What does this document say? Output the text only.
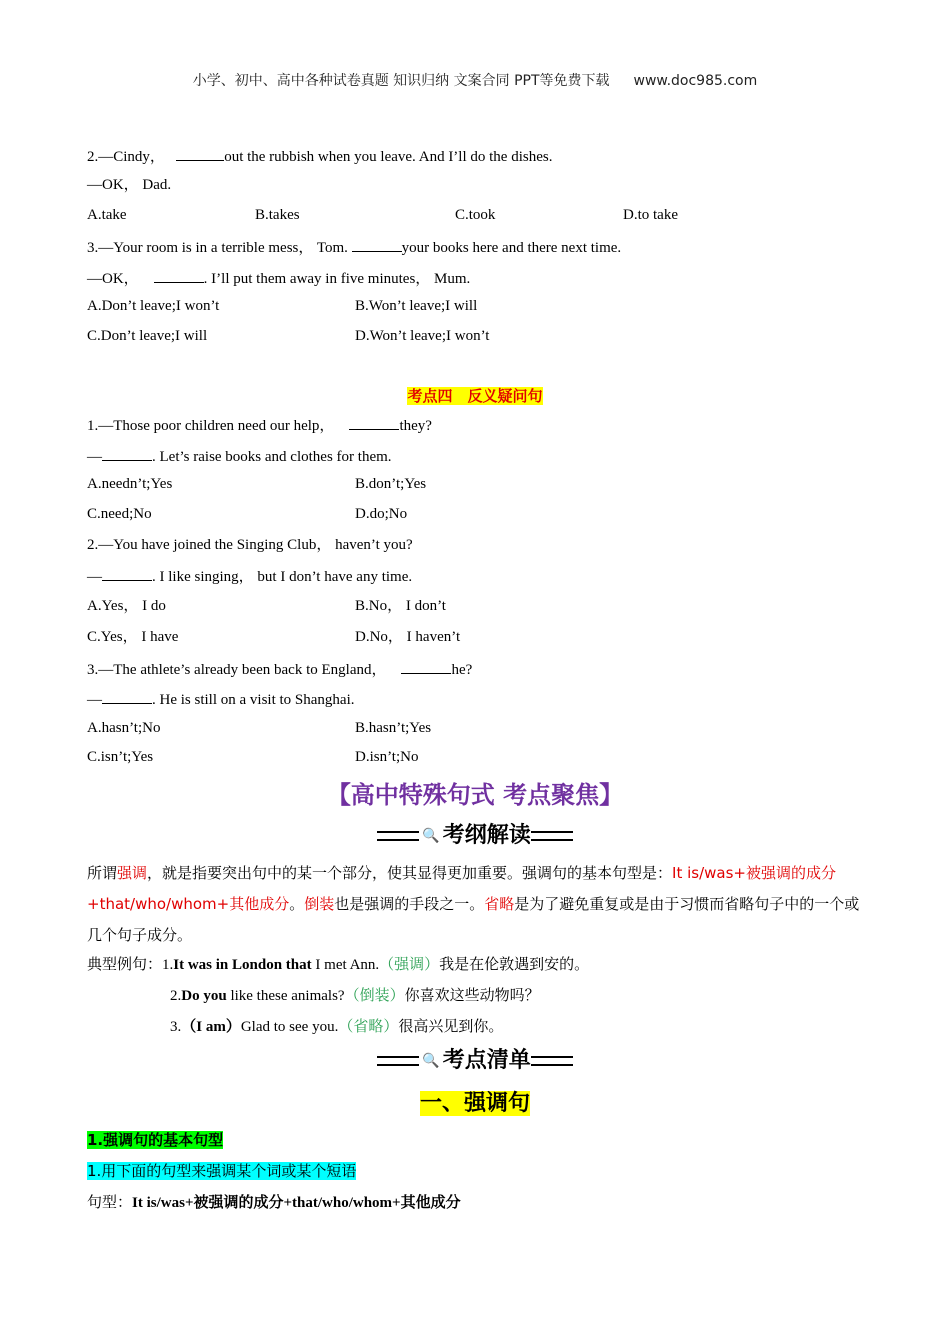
小学、初中、高中各种试卷真题 知识归纳 文案合同 PPT等免费下载 www.doc985.com
2.—Cindy，	out the rubbish when you leave. And I’ll do the dishes.
—OK， Dad.
A.take	B.takes	C.took	D.to take
3.—Your room is in a terrible mess， Tom.	your books here and there next time.
—OK，	. I’ll put them away in five minutes， Mum.
A.Don’t leave;I won’t	B.Won’t leave;I will
C.Don’t leave;I will	D.Won’t leave;I won’t
考点四　反义疑问句
1.—Those poor children need our help，	they?
—	. Let’s raise books and clothes for them.
A.needn’t;Yes	B.don’t;Yes
C.need;No	D.do;No
2.—You have joined the Singing Club， haven’t you?
—	. I like singing， but I don’t have any time.
A.Yes， I do	B.No， I don’t
C.Yes， I have	D.No， I haven’t
3.—The athlete’s already been back to England，	he?
—	. He is still on a visit to Shanghai.
A.hasn’t;No	B.hasn’t;Yes
C.isn’t;Yes	D.isn’t;No
【高中特殊句式 考点聚焦】
🔍 考纲解读
所谓强调，就是指要突出句中的某一个部分，使其显得更加重要。强调句的基本句型是：It is/was+被强调的成分+that/who/whom+其他成分。倒装也是强调的手段之一。省略是为了避免重复或是由于习惯而省略句子中的一个或几个句子成分。
典型例句：1.It was in London that I met Ann.（强调）我是在伦敦遇到安的。
2.Do you like these animals?（倒装）你喜欢这些动物吗？
3.（I am）Glad to see you.（省略）很高兴见到你。
🔍 考点清单
一、强调句
1.强调句的基本句型
1.用下面的句型来强调某个词或某个短语
句型：It is/was+被强调的成分+that/who/whom+其他成分
